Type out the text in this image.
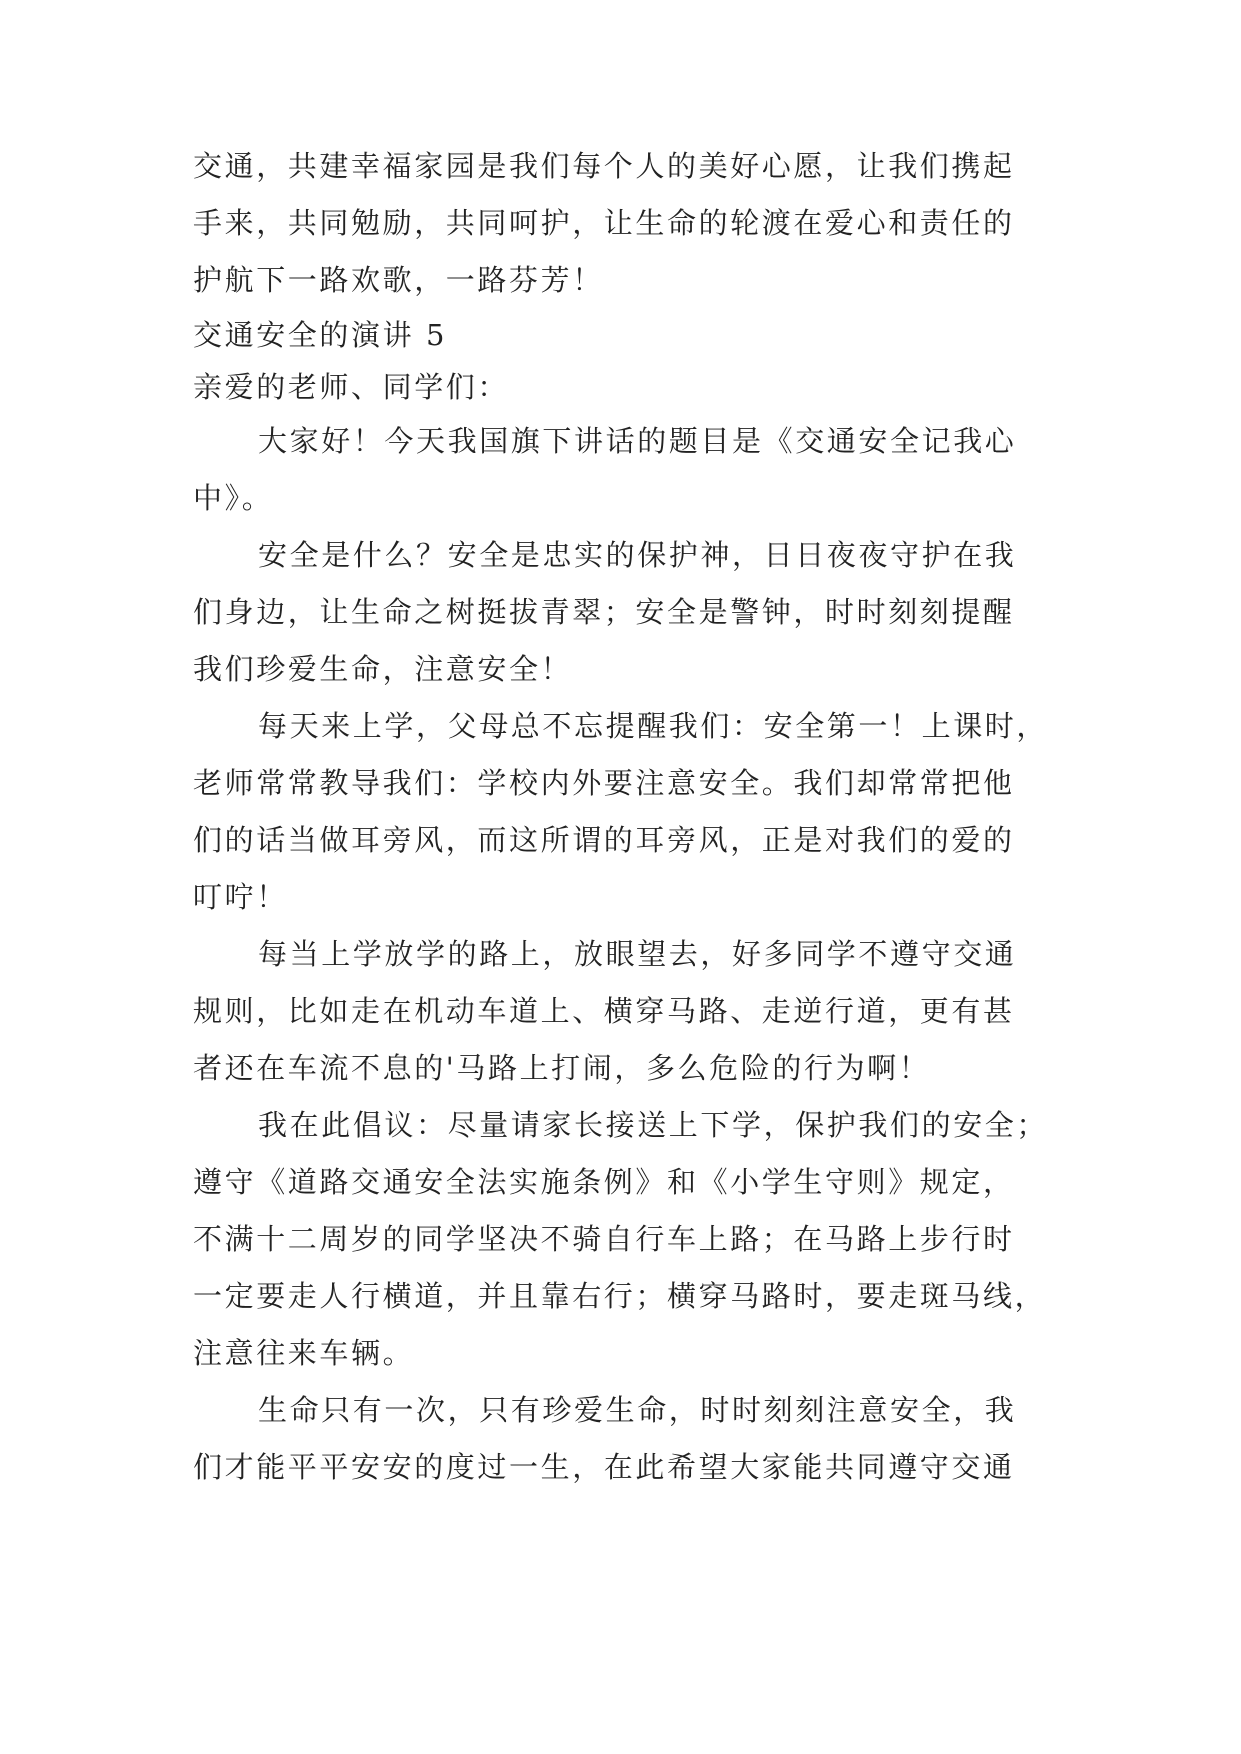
交通，共建幸福家园是我们每个人的美好心愿，让我们携起
手来，共同勉励，共同呵护，让生命的轮渡在爱心和责任的
护航下一路欢歌，一路芬芳！
交通安全的演讲 5
亲爱的老师、同学们：
大家好！今天我国旗下讲话的题目是《交通安全记我心
中》。
安全是什么？安全是忠实的保护神，日日夜夜守护在我
们身边，让生命之树挺拔青翠；安全是警钟，时时刻刻提醒
我们珍爱生命，注意安全！
每天来上学，父母总不忘提醒我们：安全第一！上课时，
老师常常教导我们：学校内外要注意安全。我们却常常把他
们的话当做耳旁风，而这所谓的耳旁风，正是对我们的爱的
叮咛！
每当上学放学的路上，放眼望去，好多同学不遵守交通
规则，比如走在机动车道上、横穿马路、走逆行道，更有甚
者还在车流不息的'马路上打闹，多么危险的行为啊！
我在此倡议：尽量请家长接送上下学，保护我们的安全；
遵守《道路交通安全法实施条例》和《小学生守则》规定，
不满十二周岁的同学坚决不骑自行车上路；在马路上步行时
一定要走人行横道，并且靠右行；横穿马路时，要走斑马线，
注意往来车辆。
生命只有一次，只有珍爱生命，时时刻刻注意安全，我
们才能平平安安的度过一生，在此希望大家能共同遵守交通
